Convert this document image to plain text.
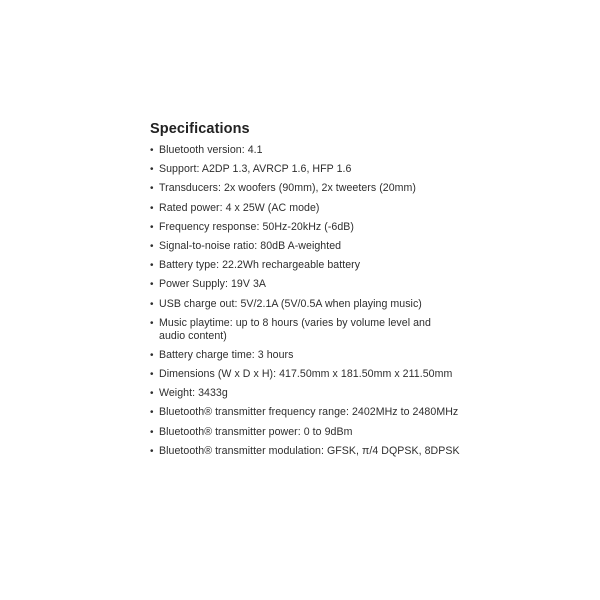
Specifications
• Bluetooth version: 4.1
• Support: A2DP 1.3, AVRCP 1.6, HFP 1.6
• Transducers: 2x woofers (90mm), 2x tweeters (20mm)
• Rated power: 4 x 25W (AC mode)
• Frequency response: 50Hz-20kHz (-6dB)
• Signal-to-noise ratio: 80dB A-weighted
• Battery type: 22.2Wh rechargeable battery
• Power Supply: 19V 3A
• USB charge out: 5V/2.1A (5V/0.5A when playing music)
• Music playtime: up to 8 hours (varies by volume level and audio content)
• Battery charge time: 3 hours
• Dimensions (W x D x H): 417.50mm x 181.50mm x 211.50mm
• Weight: 3433g
• Bluetooth® transmitter frequency range: 2402MHz to 2480MHz
• Bluetooth® transmitter power: 0 to 9dBm
• Bluetooth® transmitter modulation: GFSK, π/4 DQPSK, 8DPSK
